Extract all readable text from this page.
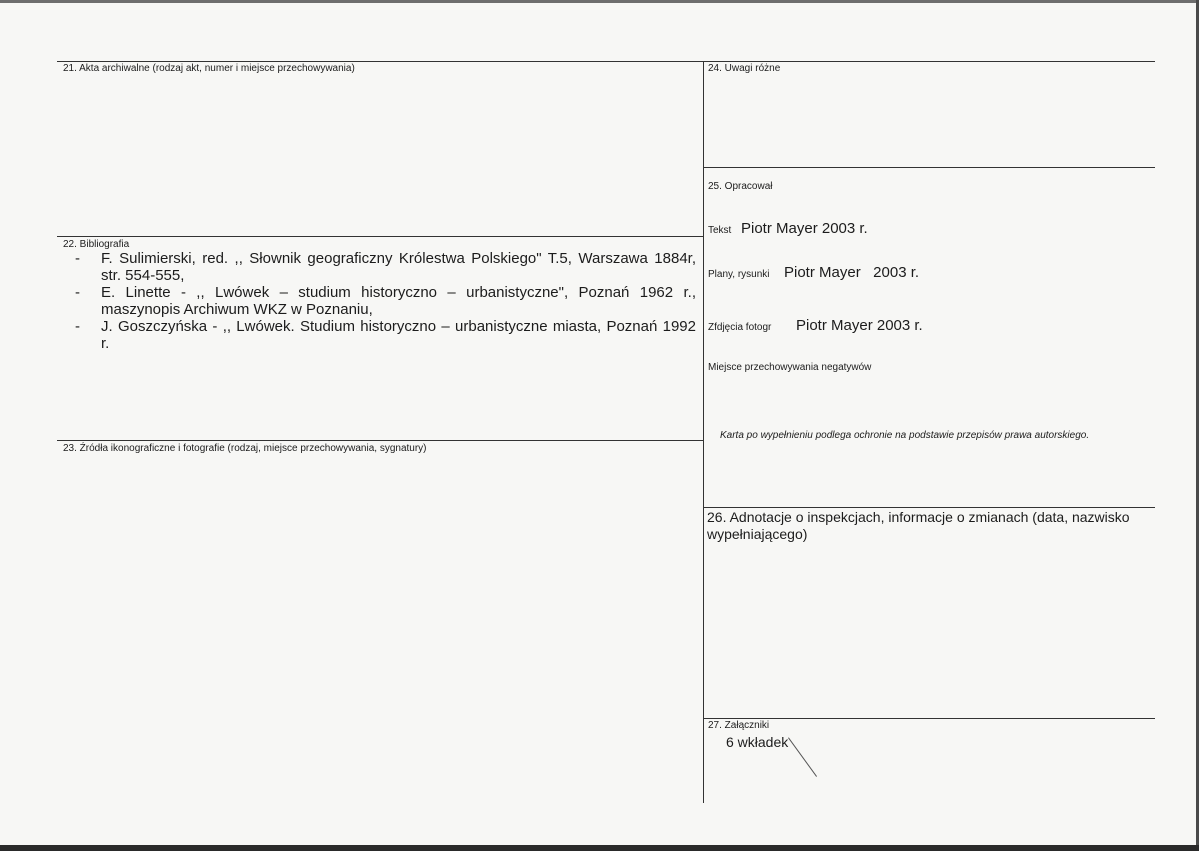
21. Akta archiwalne (rodzaj akt, numer i miejsce przechowywania)
22. Bibliografia
- F. Sulimierski, red. ,, Słownik geograficzny Królestwa Polskiego" T.5, Warszawa 1884r, str. 554-555,
- E. Linette - ,, Lwówek – studium historyczno – urbanistyczne", Poznań 1962 r., maszynopis Archiwum WKZ w Poznaniu,
- J. Goszczyńska - ,, Lwówek. Studium historyczno – urbanistyczne miasta, Poznań 1992 r.
23. Źródła ikonograficzne i fotografie (rodzaj, miejsce przechowywania, sygnatury)
24. Uwagi różne
25. Opracował
Tekst Piotr Mayer 2003 r.
Plany, rysunki Piotr Mayer   2003 r.
Zfdjęcia fotogr Piotr Mayer 2003 r.
Miejsce przechowywania negatywów
Karta po wypełnieniu podlega ochronie na podstawie przepisów prawa autorskiego.
26. Adnotacje o inspekcjach, informacje o zmianach (data, nazwisko wypełniającego)
27. Załączniki
6 wkładek
